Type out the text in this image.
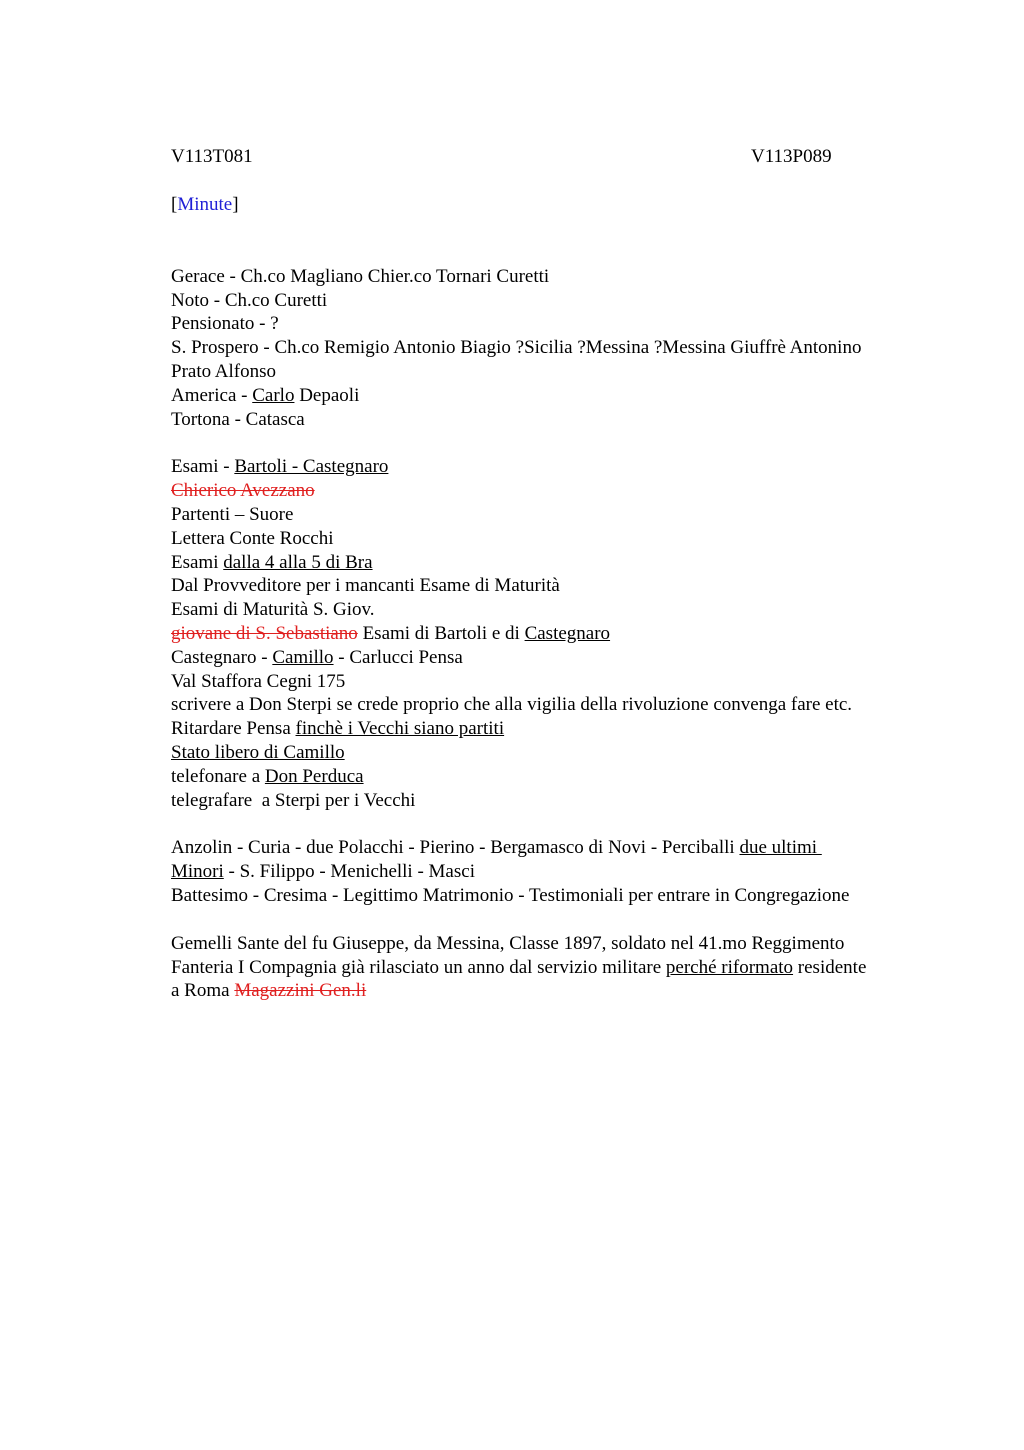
V113T081	V113P089
[Minute]
Gerace - Ch.co Magliano Chier.co Tornari Curetti
Noto - Ch.co Curetti
Pensionato - ?
S. Prospero - Ch.co Remigio Antonio Biagio ?Sicilia ?Messina ?Messina Giuffrè Antonino
Prato Alfonso
America - Carlo Depaoli
Tortona - Catasca
Esami - Bartoli - Castegnaro
Chierico Avezzano
Partenti – Suore
Lettera Conte Rocchi
Esami dalla 4 alla 5 di Bra
Dal Provveditore per i mancanti Esame di Maturità
Esami di Maturità S. Giov.
giovane di S. Sebastiano Esami di Bartoli e di Castegnaro
Castegnaro - Camillo - Carlucci Pensa
Val Staffora Cegni 175
scrivere a Don Sterpi se crede proprio che alla vigilia della rivoluzione convenga fare etc.
Ritardare Pensa finchè i Vecchi siano partiti
Stato libero di Camillo
telefonare a Don Perduca
telegrafare  a Sterpi per i Vecchi
Anzolin - Curia - due Polacchi - Pierino - Bergamasco di Novi - Perciballi due ultimi
Minori - S. Filippo - Menichelli - Masci
Battesimo - Cresima - Legittimo Matrimonio - Testimoniali per entrare in Congregazione
Gemelli Sante del fu Giuseppe, da Messina, Classe 1897, soldato nel 41.mo Reggimento
Fanteria I Compagnia già rilasciato un anno dal servizio militare perché riformato residente
a Roma Magazzini Gen.li
